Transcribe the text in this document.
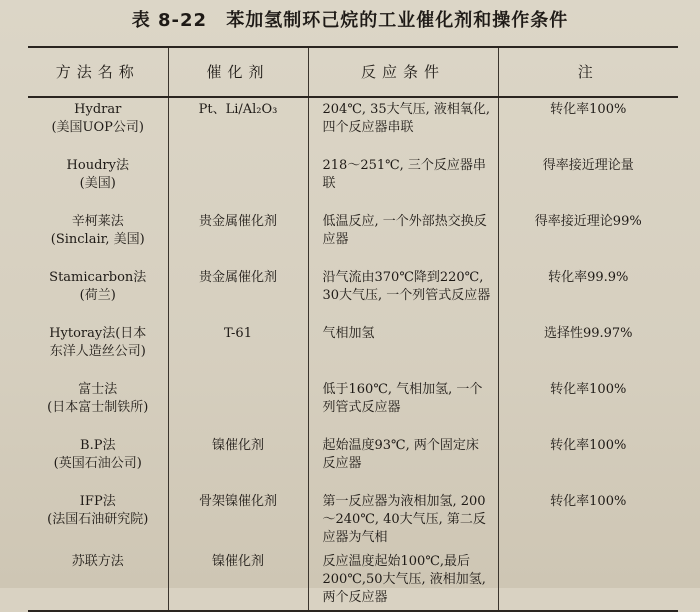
表 8-22 苯加氢制环己烷的工业催化剂和操作条件
方法名称	催化剂	反应条件	注

Hydrar
(美国UOP公司)	Pt、Li/Al₂O₃	204℃, 35大气压, 液相氧化, 四个反应器串联	转化率100%

Houdry法
(美国)		218～251℃, 三个反应器串联	得率接近理论量

辛柯莱法
(Sinclair, 美国)	贵金属催化剂	低温反应, 一个外部热交换反应器	得率接近理论99%

Stamicarbon法
(荷兰)	贵金属催化剂	沿气流由370℃降到220℃, 30大气压, 一个列管式反应器	转化率99.9%

Hytoray法(日本
东洋人造丝公司)	T-61	气相加氢	选择性99.97%

富士法
(日本富士制铁所)		低于160℃, 气相加氢, 一个列管式反应器	转化率100%

B.P法
(英国石油公司)	镍催化剂	起始温度93℃, 两个固定床反应器	转化率100%

IFP法
(法国石油研究院)	骨架镍催化剂	第一反应器为液相加氢, 200～240℃, 40大气压, 第二反应器为气相	转化率100%

苏联方法	镍催化剂	反应温度起始100℃,最后200℃,50大气压, 液相加氢, 两个反应器	
